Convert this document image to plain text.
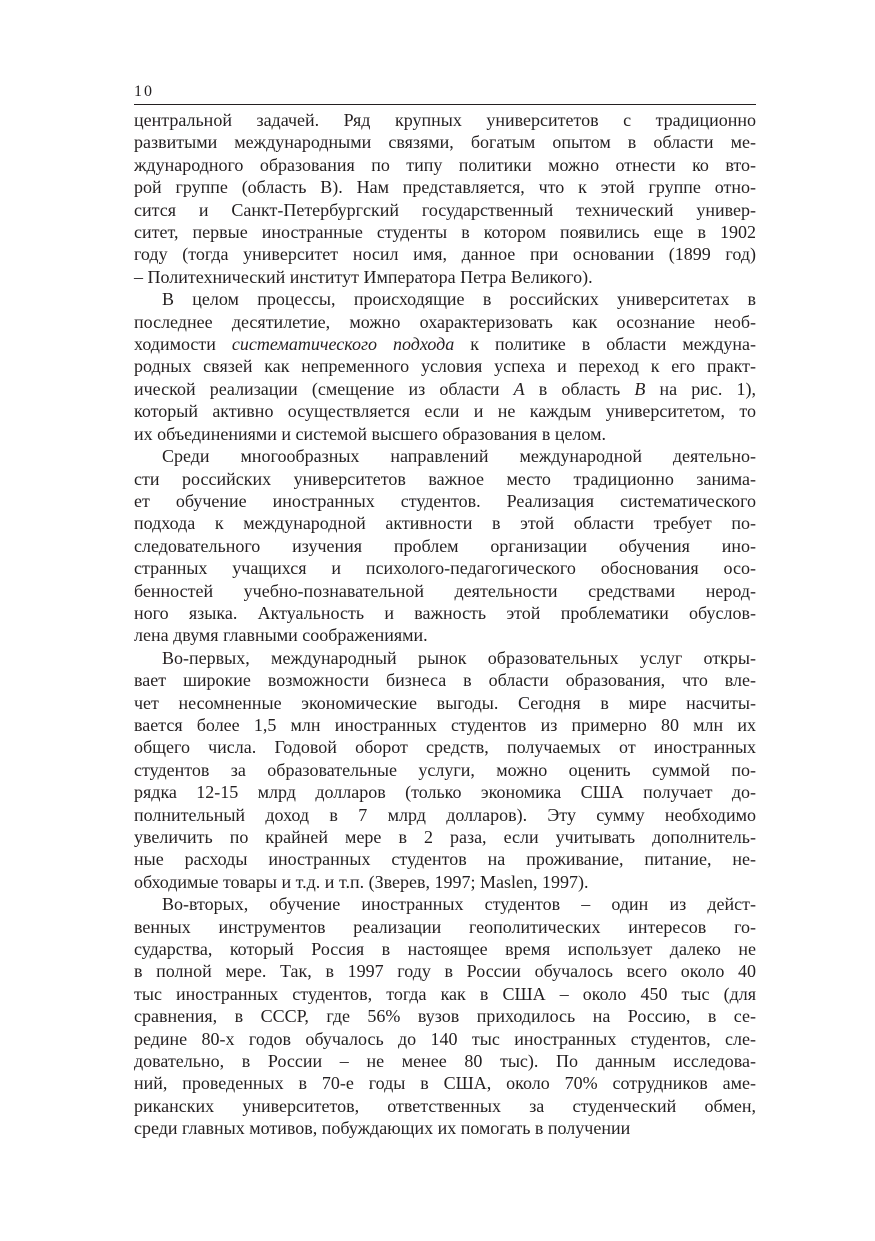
10
центральной задачей. Ряд крупных университетов с традиционно
развитыми международными связями, богатым опытом в области ме-
ждународного образования по типу политики можно отнести ко вто-
рой группе (область В). Нам представляется, что к этой группе отно-
сится и Санкт-Петербургский государственный технический универ-
ситет, первые иностранные студенты в котором появились еще в 1902
году (тогда университет носил имя, данное при основании (1899 год)
– Политехнический институт Императора Петра Великого).
В целом процессы, происходящие в российских университетах в
последнее десятилетие, можно охарактеризовать как осознание необ-
ходимости систематического подхода к политике в области междуна-
родных связей как непременного условия успеха и переход к его практ-
ической реализации (смещение из области А в область В на рис. 1),
который активно осуществляется если и не каждым университетом, то
их объединениями и системой высшего образования в целом.
Среди многообразных направлений международной деятельно-
сти российских университетов важное место традиционно занима-
ет обучение иностранных студентов. Реализация систематического
подхода к международной активности в этой области требует по-
следовательного изучения проблем организации обучения ино-
странных учащихся и психолого-педагогического обоснования осо-
бенностей учебно-познавательной деятельности средствами нерод-
ного языка. Актуальность и важность этой проблематики обуслов-
лена двумя главными соображениями.
Во-первых, международный рынок образовательных услуг откры-
вает широкие возможности бизнеса в области образования, что вле-
чет несомненные экономические выгоды. Сегодня в мире насчиты-
вается более 1,5 млн иностранных студентов из примерно 80 млн их
общего числа. Годовой оборот средств, получаемых от иностранных
студентов за образовательные услуги, можно оценить суммой по-
рядка 12-15 млрд долларов (только экономика США получает до-
полнительный доход в 7 млрд долларов). Эту сумму необходимо
увеличить по крайней мере в 2 раза, если учитывать дополнитель-
ные расходы иностранных студентов на проживание, питание, не-
обходимые товары и т.д. и т.п. (Зверев, 1997; Maslen, 1997).
Во-вторых, обучение иностранных студентов – один из дейст-
венных инструментов реализации геополитических интересов го-
сударства, который Россия в настоящее время использует далеко не
в полной мере. Так, в 1997 году в России обучалось всего около 40
тыс иностранных студентов, тогда как в США – около 450 тыс (для
сравнения, в СССР, где 56% вузов приходилось на Россию, в се-
редине 80-х годов обучалось до 140 тыс иностранных студентов, сле-
довательно, в России – не менее 80 тыс). По данным исследова-
ний, проведенных в 70-е годы в США, около 70% сотрудников аме-
риканских университетов, ответственных за студенческий обмен,
среди главных мотивов, побуждающих их помогать в получении
